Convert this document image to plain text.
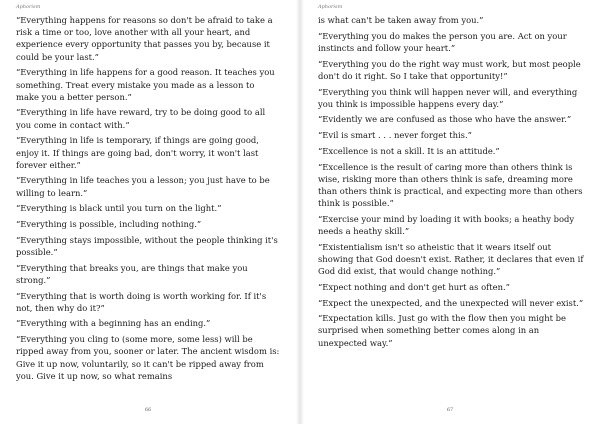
Aphorism

“Everything happens for reasons so don't be afraid to take a risk a time or too, love another with all your heart, and experience every opportunity that passes you by, because it could be your last.”

“Everything in life happens for a good reason. It teaches you something. Treat every mistake you made as a lesson to make you a better person.”

“Everything in life have reward, try to be doing good to all you come in contact with.”

“Everything in life is temporary, if things are going good, enjoy it. If things are going bad, don't worry, it won't last forever either.”

“Everything in life teaches you a lesson; you just have to be willing to learn.”

“Everything is black until you turn on the light.”

“Everything is possible, including nothing.”

“Everything stays impossible, without the people thinking it's possible.”

“Everything that breaks you, are things that make you strong.”

“Everything that is worth doing is worth working for. If it's not, then why do it?”

“Everything with a beginning has an ending.”

“Everything you cling to (some more, some less) will be ripped away from you, sooner or later. The ancient wisdom is: Give it up now, voluntarily, so it can't be ripped away from you. Give it up now, so what remains

66
Aphorism

is what can't be taken away from you.”

“Everything you do makes the person you are. Act on your instincts and follow your heart.”

“Everything you do the right way must work, but most people don't do it right. So I take that opportunity!”

“Everything you think will happen never will, and everything you think is impossible happens every day.”

“Evidently we are confused as those who have the answer.”

“Evil is smart . . . never forget this.”

“Excellence is not a skill. It is an attitude.”

“Excellence is the result of caring more than others think is wise, risking more than others think is safe, dreaming more than others think is practical, and expecting more than others think is possible.”

“Exercise your mind by loading it with books; a heathy body needs a heathy skill.”

“Existentialism isn't so atheistic that it wears itself out showing that God doesn't exist. Rather, it declares that even if God did exist, that would change nothing.”

“Expect nothing and don't get hurt as often.”

“Expect the unexpected, and the unexpected will never exist.”

“Expectation kills. Just go with the flow then you might be surprised when something better comes along in an unexpected way.”

67
